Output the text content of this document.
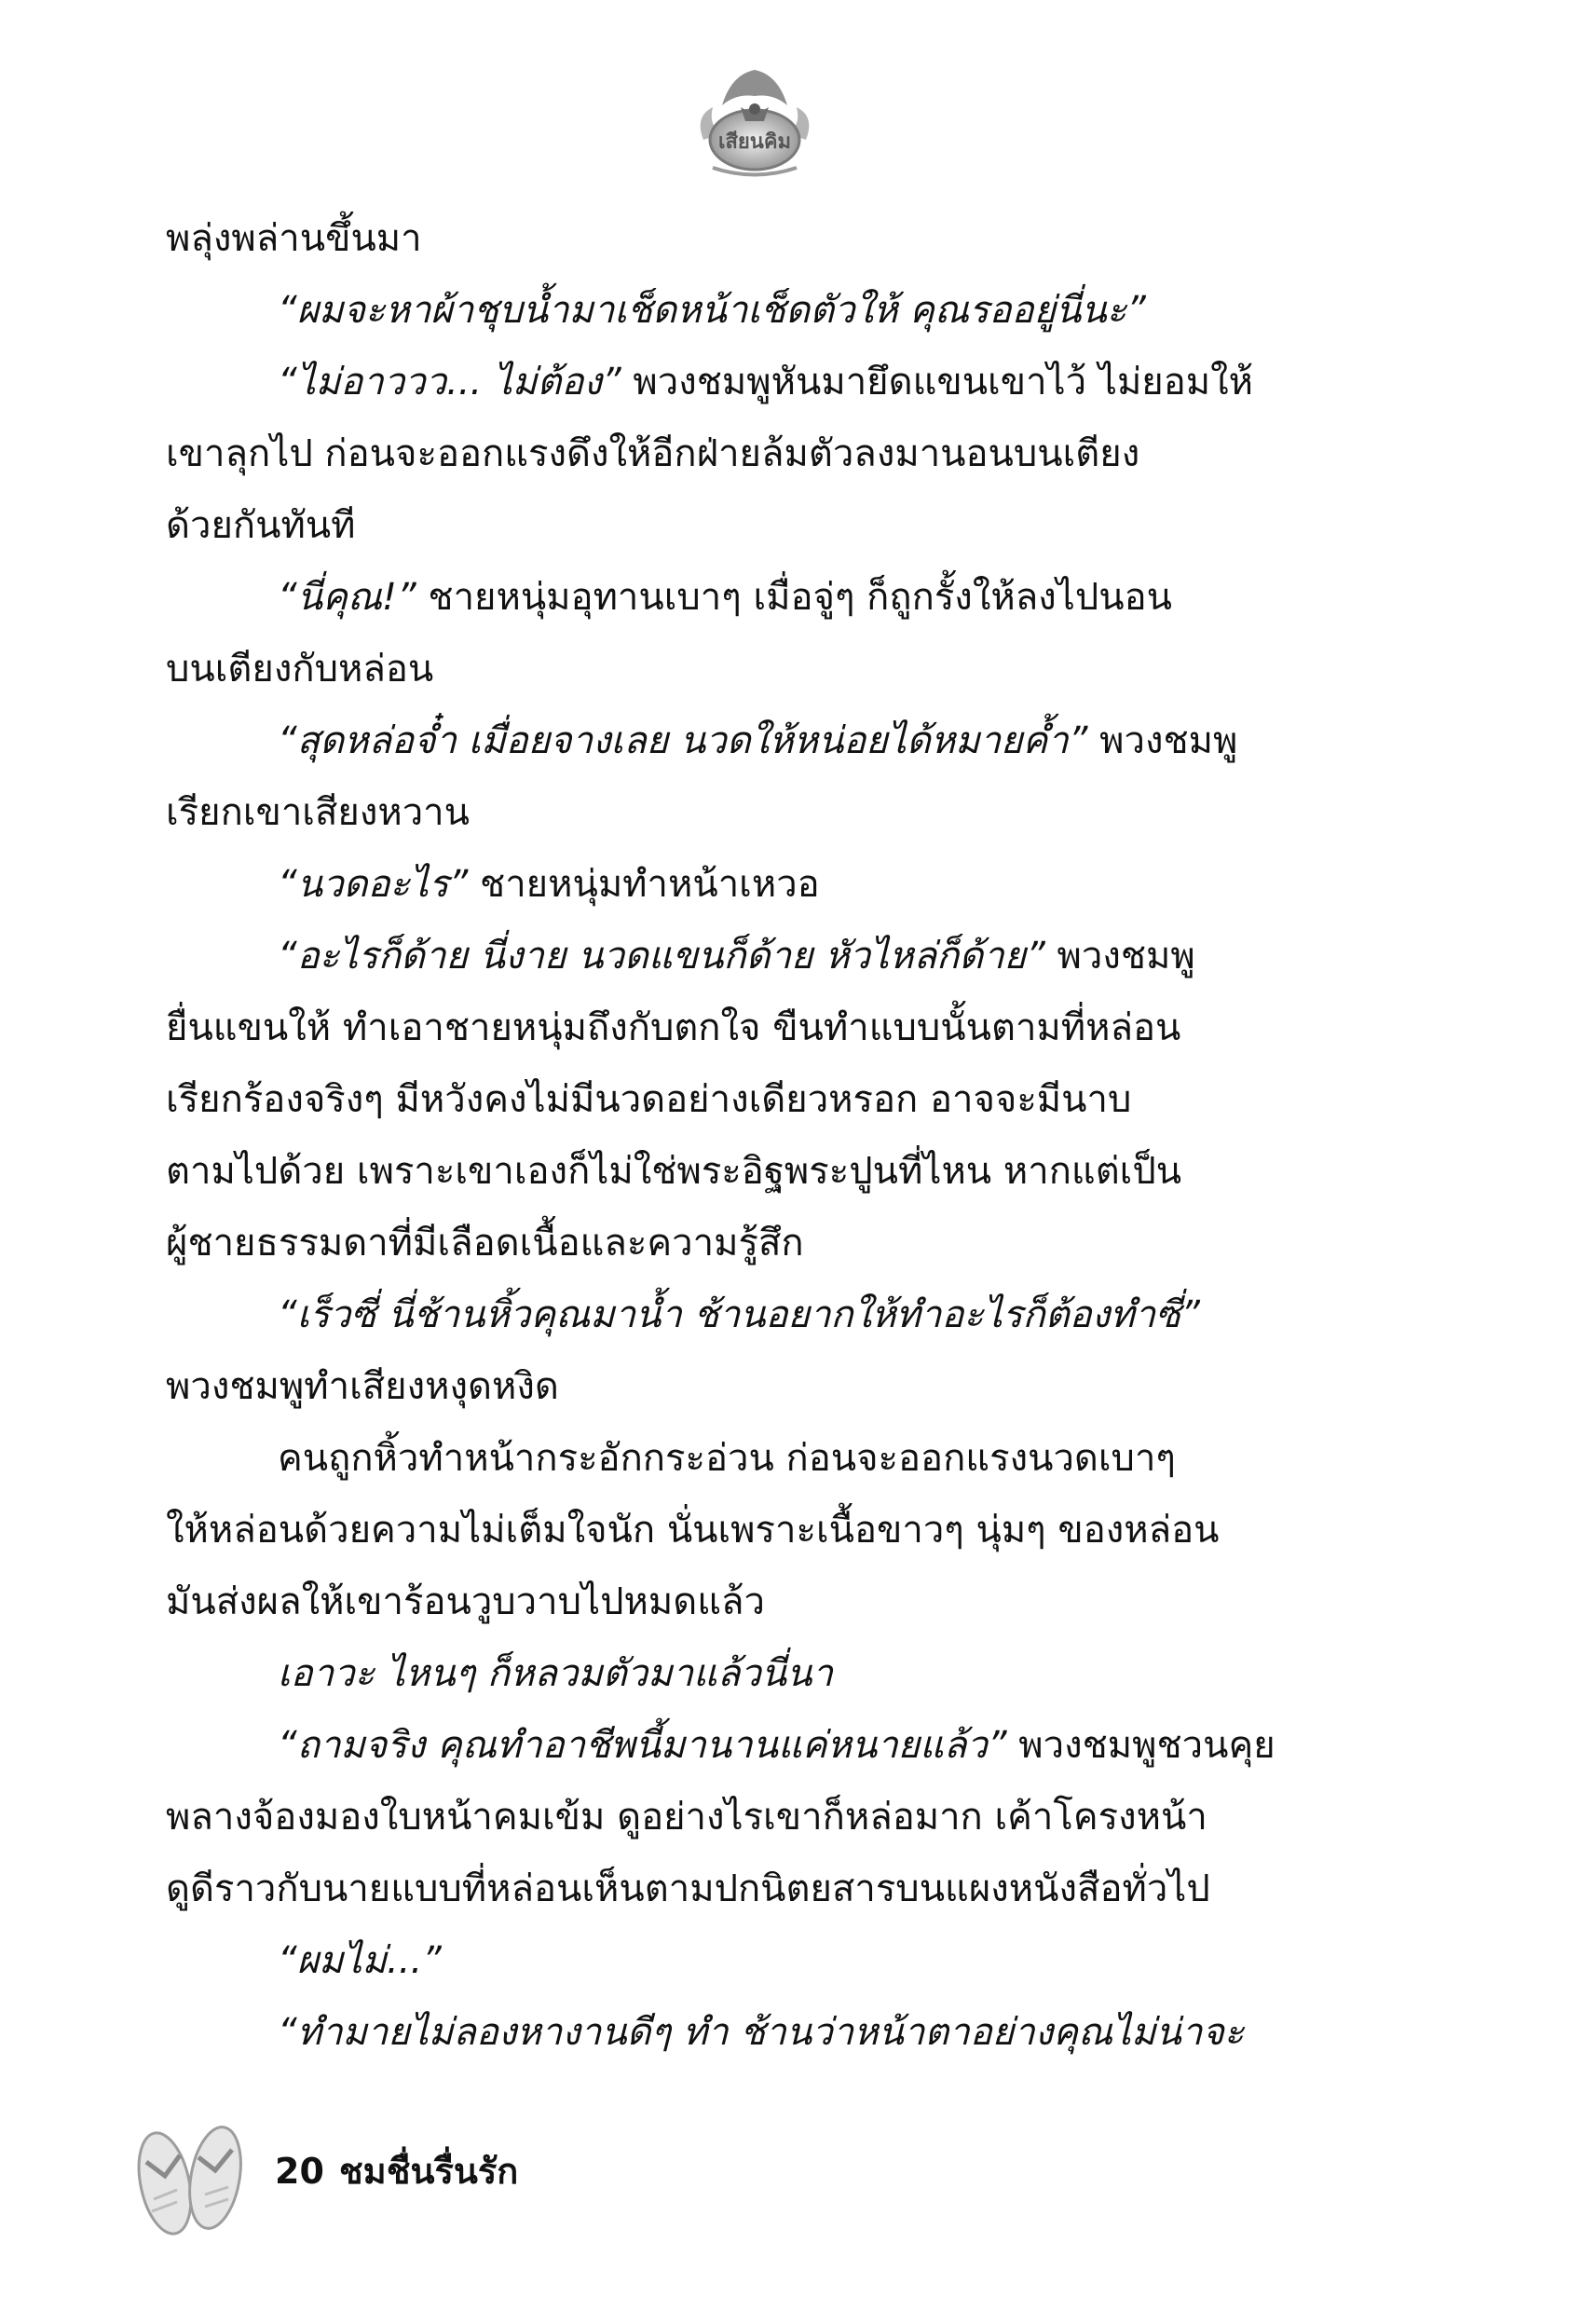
เสียนคิม
พลุ่งพล่านขึ้นมา
“ผมจะหาผ้าชุบน้ำมาเช็ดหน้าเช็ดตัวให้ คุณรออยู่นี่นะ”
“ไม่อาววว... ไม่ต้อง” พวงชมพูหันมายึดแขนเขาไว้ ไม่ยอมให้
เขาลุกไป ก่อนจะออกแรงดึงให้อีกฝ่ายล้มตัวลงมานอนบนเตียง
ด้วยกันทันที
“นี่คุณ!” ชายหนุ่มอุทานเบาๆ เมื่อจู่ๆ ก็ถูกรั้งให้ลงไปนอน
บนเตียงกับหล่อน
“สุดหล่อจ๋ำ เมื่อยจางเลย นวดให้หน่อยได้หมายค้ำ” พวงชมพู
เรียกเขาเสียงหวาน
“นวดอะไร” ชายหนุ่มทำหน้าเหวอ
“อะไรก็ด้าย นี่งาย นวดแขนก็ด้าย หัวไหล่ก็ด้าย” พวงชมพู
ยื่นแขนให้ ทำเอาชายหนุ่มถึงกับตกใจ ขืนทำแบบนั้นตามที่หล่อน
เรียกร้องจริงๆ มีหวังคงไม่มีนวดอย่างเดียวหรอก อาจจะมีนาบ
ตามไปด้วย เพราะเขาเองก็ไม่ใช่พระอิฐพระปูนที่ไหน หากแต่เป็น
ผู้ชายธรรมดาที่มีเลือดเนื้อและความรู้สึก
“เร็วซี่ นี่ช้านหิ้วคุณมาน้ำ ช้านอยากให้ทำอะไรก็ต้องทำซี่”
พวงชมพูทำเสียงหงุดหงิด
คนถูกหิ้วทำหน้ากระอักกระอ่วน ก่อนจะออกแรงนวดเบาๆ
ให้หล่อนด้วยความไม่เต็มใจนัก นั่นเพราะเนื้อขาวๆ นุ่มๆ ของหล่อน
มันส่งผลให้เขาร้อนวูบวาบไปหมดแล้ว
เอาวะ ไหนๆ ก็หลวมตัวมาแล้วนี่นา
“ถามจริง คุณทำอาชีพนี้มานานแค่หนายแล้ว” พวงชมพูชวนคุย
พลางจ้องมองใบหน้าคมเข้ม ดูอย่างไรเขาก็หล่อมาก เค้าโครงหน้า
ดูดีราวกับนายแบบที่หล่อนเห็นตามปกนิตยสารบนแผงหนังสือทั่วไป
“ผมไม่...”
“ทำมายไม่ลองหางานดีๆ ทำ ช้านว่าหน้าตาอย่างคุณไม่น่าจะ
20 ชมชื่นรื่นรัก
